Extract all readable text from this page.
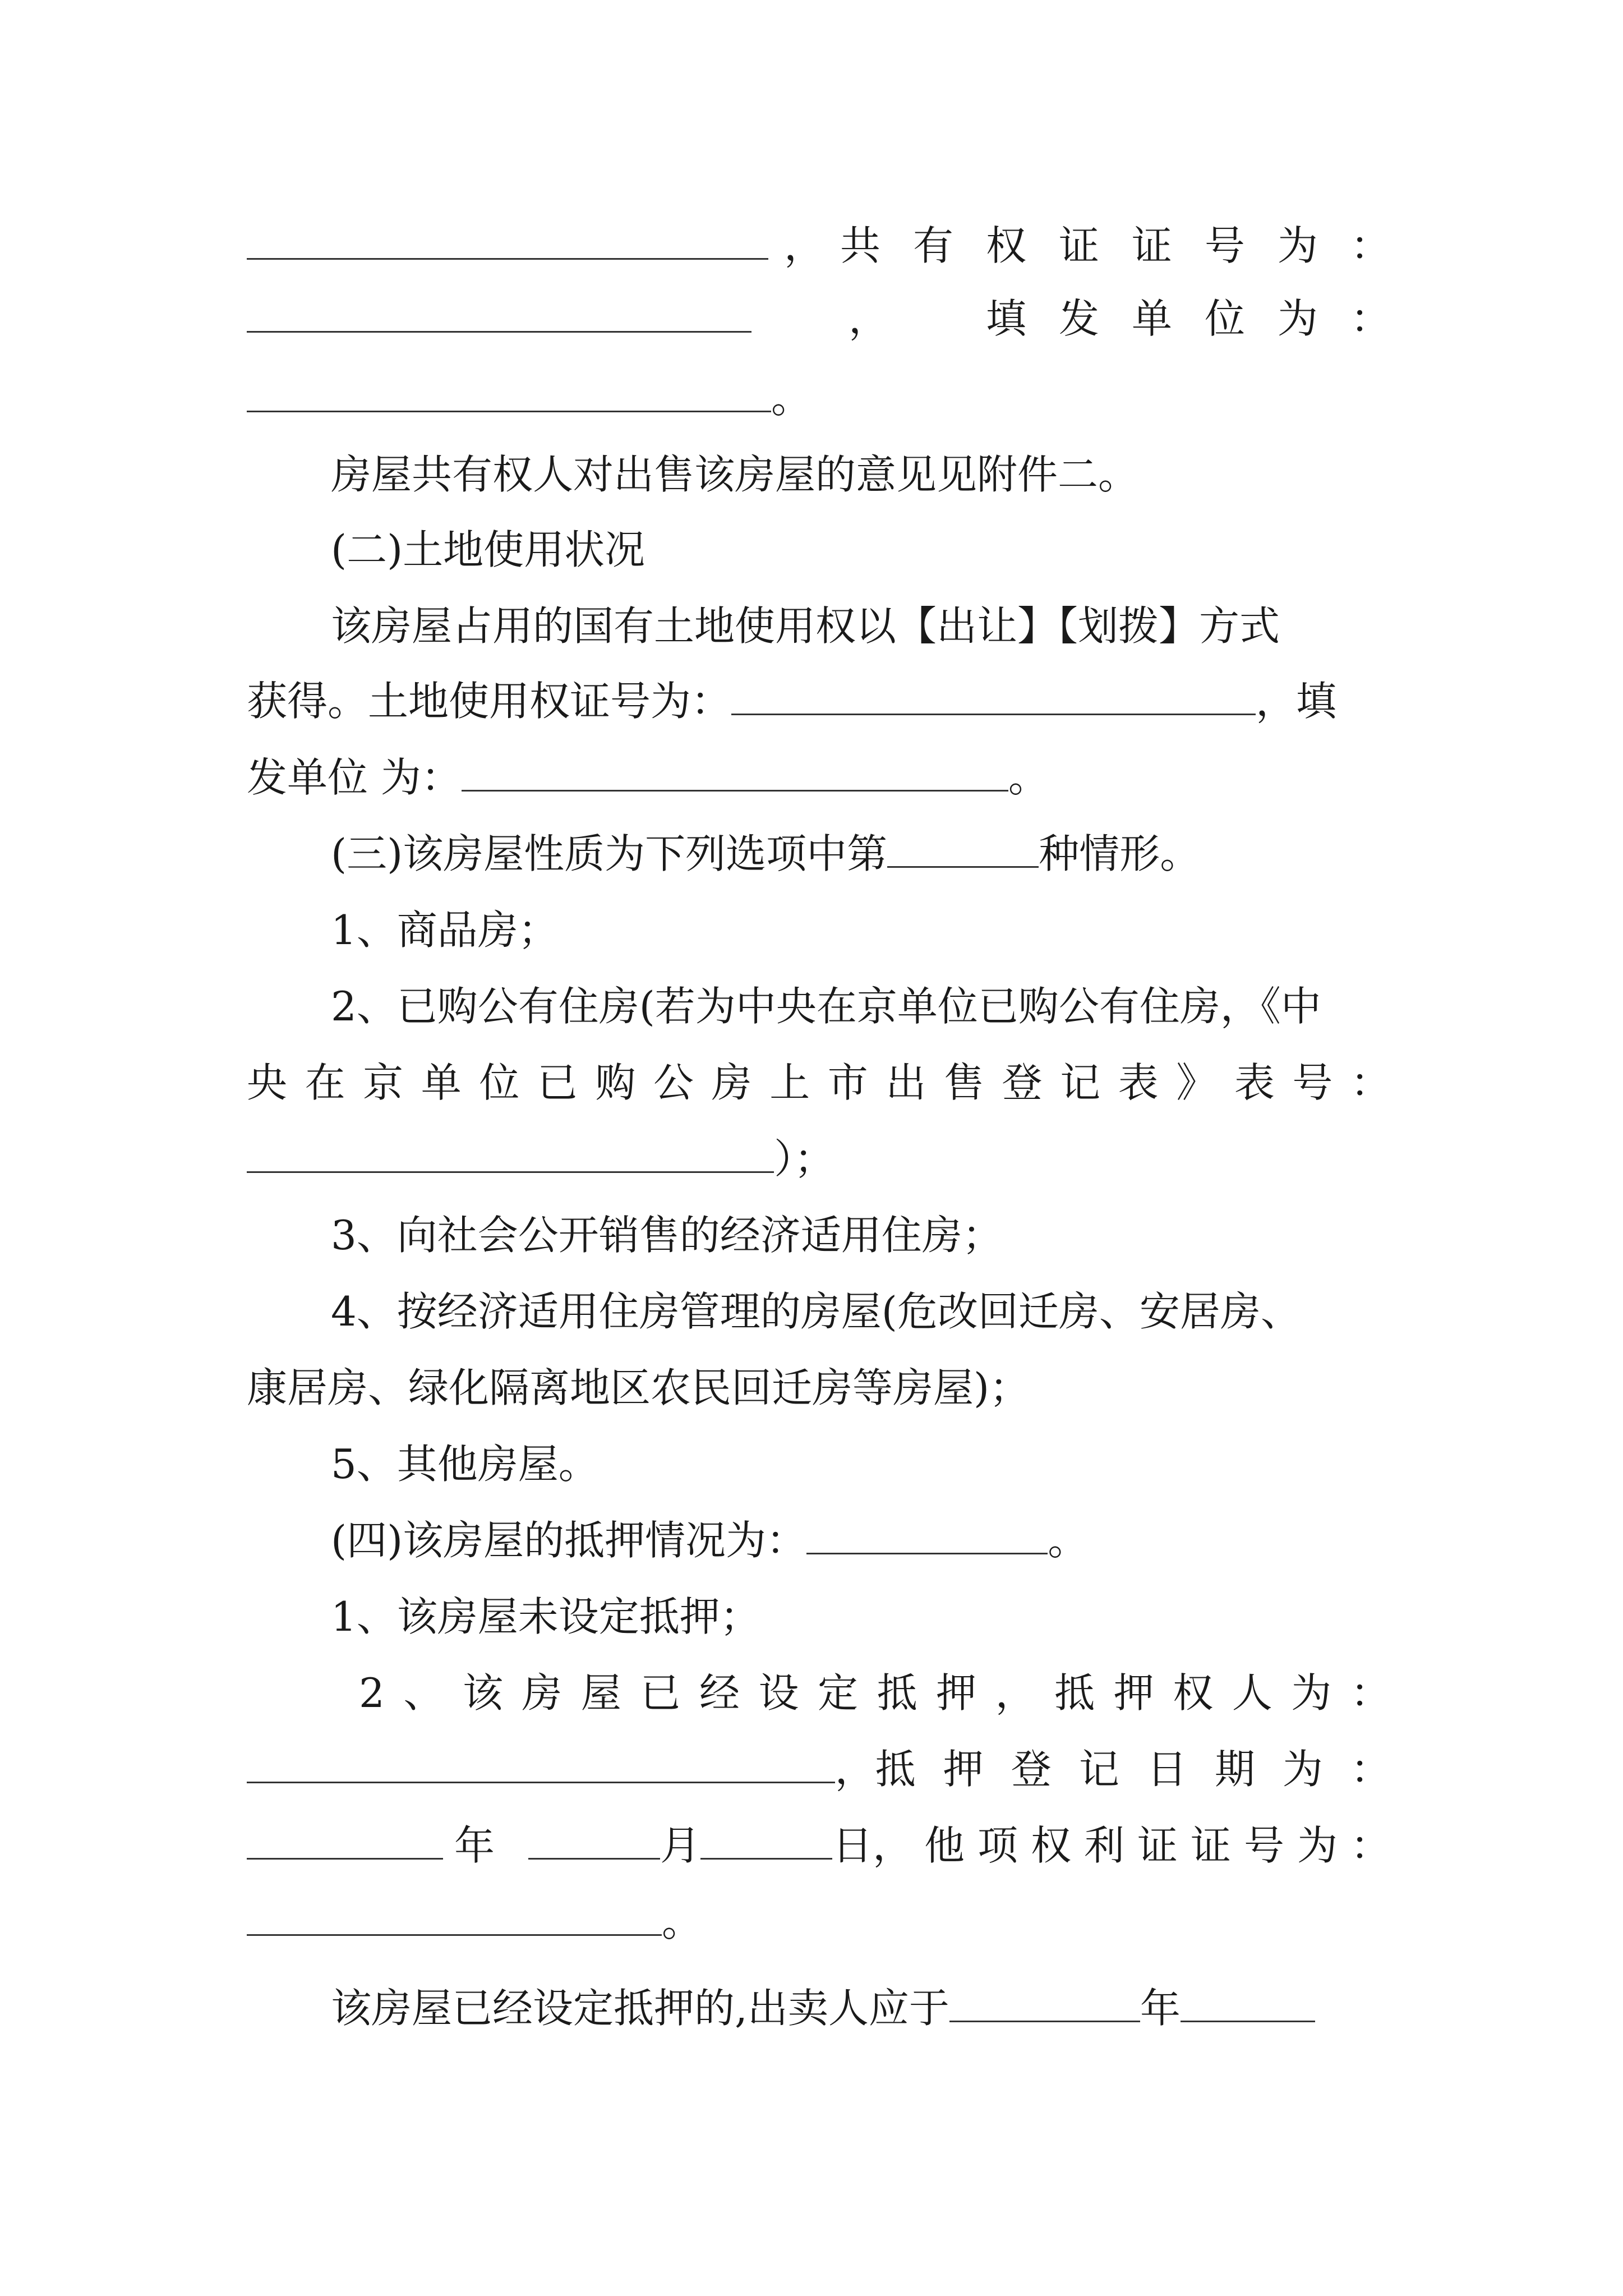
， 共 有 权 证 证 号 为 ：
， 填 发 单 位 为 ：
。
房屋共有权人对出售该房屋的意见见附件二。
(二)土地使用状况
该房屋占用的国有土地使用权以【出让】【划拨】方式
获得。土地使用权证号为：	，填
发单位 为：	。
(三)该房屋性质为下列选项中第	种情形。
1、商品房；
2、已购公有住房(若为中央在京单位已购公有住房，《中
央 在 京 单 位 已 购 公 房 上 市 出 售 登 记 表 》 表 号 ：
）；
3、向社会公开销售的经济适用住房；
4、按经济适用住房管理的房屋(危改回迁房、安居房、
康居房、绿化隔离地区农民回迁房等房屋)；
5、其他房屋。
(四)该房屋的抵押情况为：	。
1、该房屋未设定抵押；
2 、 该 房 屋 已 经 设 定 抵 押 ， 抵 押 权 人 为 ：
， 抵 押 登 记 日 期 为 ：
年	月	日， 他 项 权 利 证 证 号 为 ：
。
该房屋已经设定抵押的,出卖人应于	年
